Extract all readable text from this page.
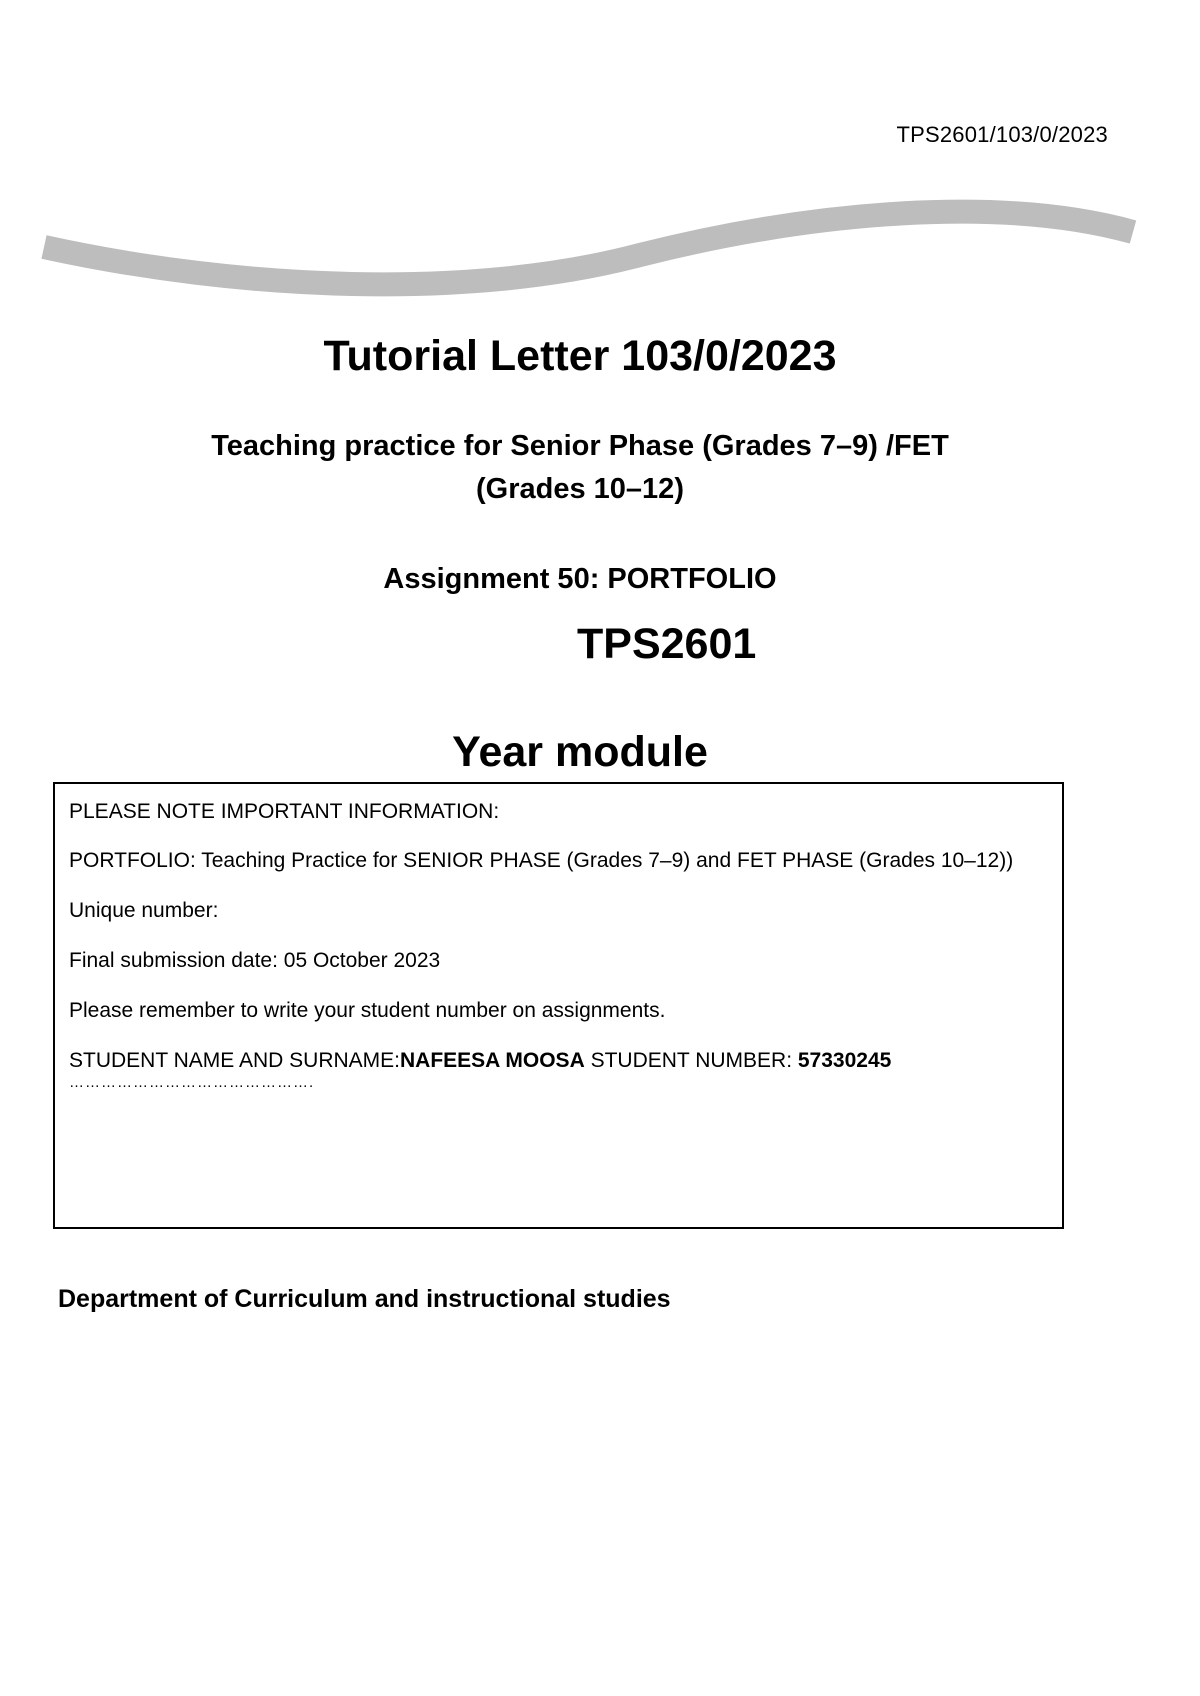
TPS2601/103/0/2023
Tutorial Letter 103/0/2023
Teaching practice for Senior Phase (Grades 7–9) /FET
(Grades 10–12)
Assignment 50: PORTFOLIO
TPS2601
Year module

PLEASE NOTE IMPORTANT INFORMATION:

PORTFOLIO: Teaching Practice for SENIOR PHASE (Grades 7–9) and FET PHASE (Grades 10–12))

Unique number:

Final submission date: 05 October 2023

Please remember to write your student number on assignments.

STUDENT NAME AND SURNAME:NAFEESA MOOSA STUDENT NUMBER: 57330245
……………………………………….

Department of Curriculum and instructional studies
